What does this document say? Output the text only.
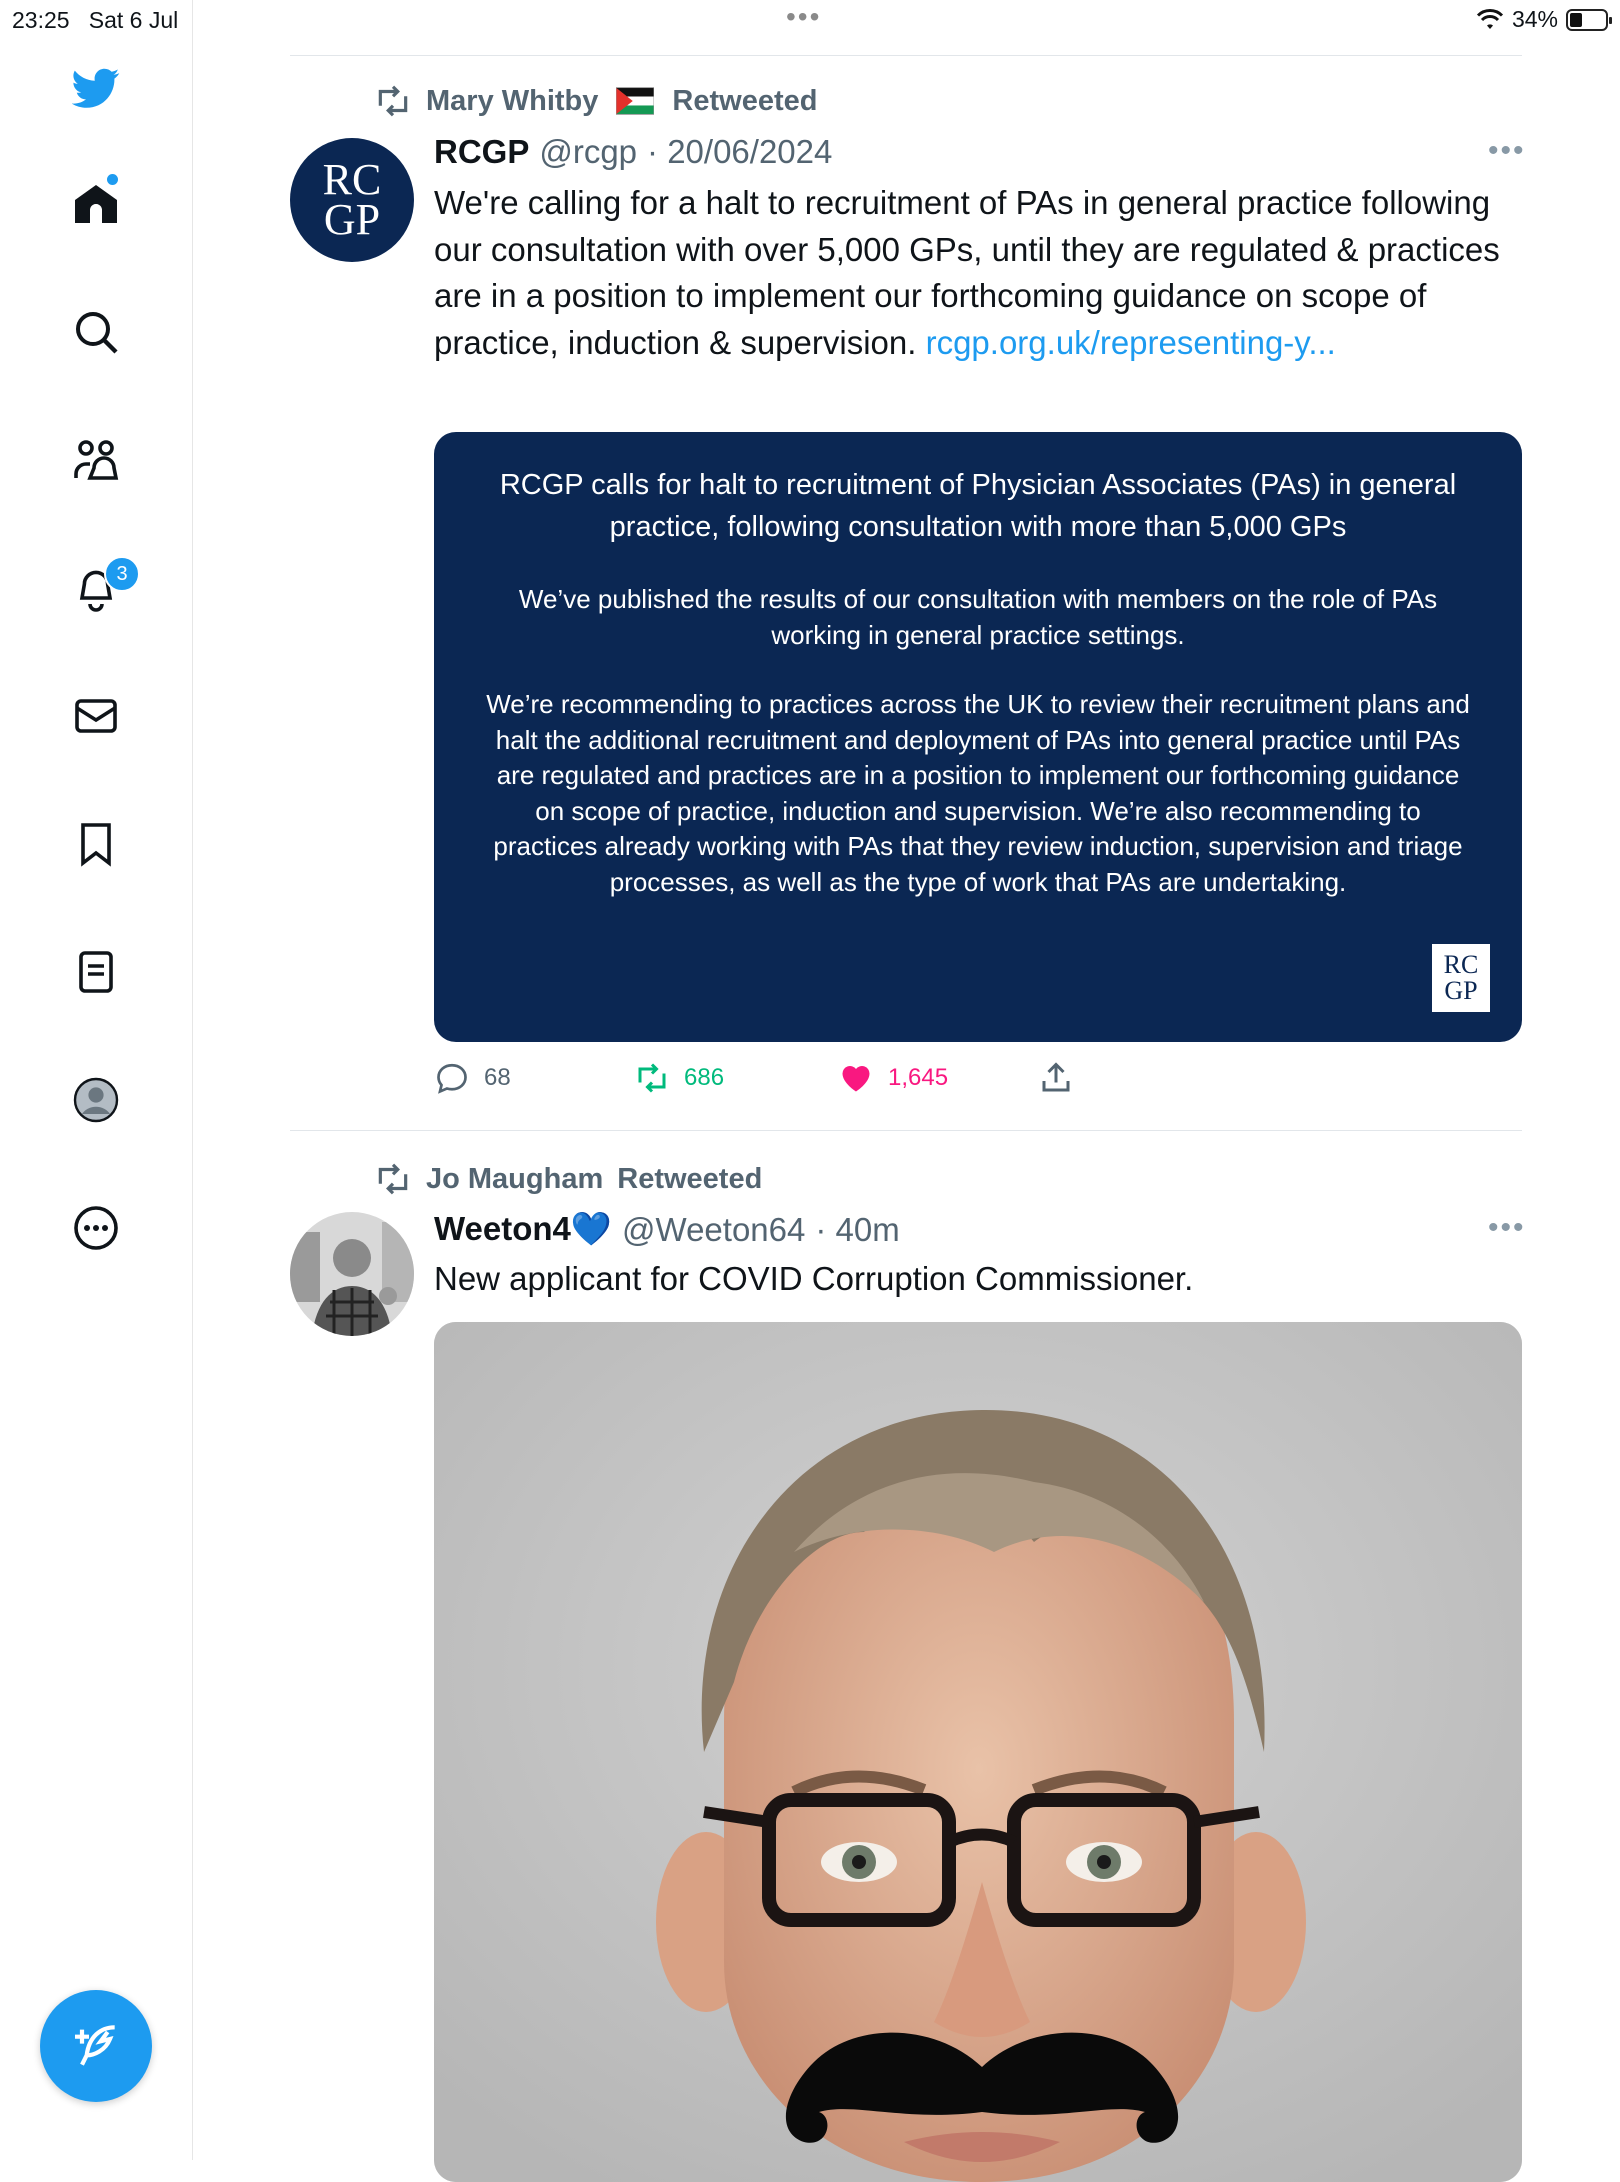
23:25 Sat 6 Jul	•••	34%
3
Mary Whitby	Retweeted
RC
GP
RCGP @rcgp · 20/06/2024	•••
We're calling for a halt to recruitment of PAs in general practice following our consultation with over 5,000 GPs, until they are regulated & practices are in a position to implement our forthcoming guidance on scope of practice, induction & supervision. rcgp.org.uk/representing-y...
RCGP calls for halt to recruitment of Physician Associates (PAs) in general practice, following consultation with more than 5,000 GPs
We’ve published the results of our consultation with members on the role of PAs working in general practice settings.
We’re recommending to practices across the UK to review their recruitment plans and halt the additional recruitment and deployment of PAs into general practice until PAs are regulated and practices are in a position to implement our forthcoming guidance on scope of practice, induction and supervision. We’re also recommending to practices already working with PAs that they review induction, supervision and triage processes, as well as the type of work that PAs are undertaking.
RC
GP
68	686	1,645
Jo Maugham Retweeted
Weeton4💙 @Weeton64 · 40m	•••
New applicant for COVID Corruption Commissioner.
